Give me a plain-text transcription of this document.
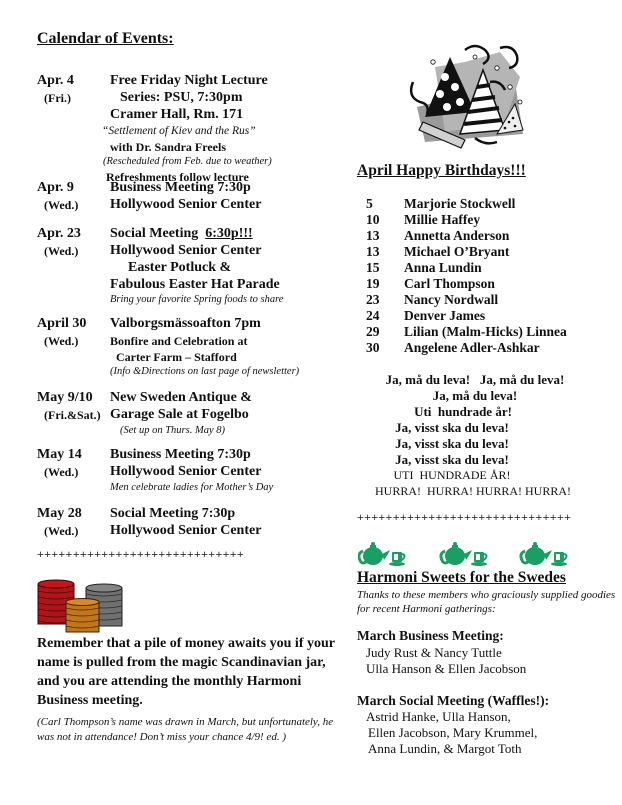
Calendar of Events:
Apr. 4
(Fri.)
Free Friday Night Lecture
Series: PSU, 7:30pm
Cramer Hall, Rm. 171
“Settlement of Kiev and the Rus”
with Dr. Sandra Freels
(Rescheduled from Feb. due to weather)
Refreshments follow lecture
Apr. 9
(Wed.)
Business Meeting 7:30p
Hollywood Senior Center
Apr. 23
(Wed.)
Social Meeting  6:30p!!!
Hollywood Senior Center
Easter Potluck &
Fabulous Easter Hat Parade
Bring your favorite Spring foods to share
April 30
(Wed.)
Valborgsmässoafton 7pm
Bonfire and Celebration at
Carter Farm – Stafford
(Info &Directions on last page of newsletter)
May 9/10
(Fri.&Sat.)
New Sweden Antique &
Garage Sale at Fogelbo
(Set up on Thurs. May 8)
May 14
(Wed.)
Business Meeting 7:30p
Hollywood Senior Center
Men celebrate ladies for Mother’s Day
May 28
(Wed.)
Social Meeting 7:30p
Hollywood Senior Center
+++++++++++++++++++++++++++++
Remember that a pile of money awaits you if your name is pulled from the magic Scandinavian jar, and you are attending the monthly Harmoni Business meeting.
(Carl Thompson’s name was drawn in March, but unfortunately, he was not in attendance! Don’t miss your chance 4/9! ed. )
April Happy Birthdays!!!
5 Marjorie Stockwell
10 Millie Haffey
13 Annetta Anderson
13 Michael O’Bryant
15 Anna Lundin
19 Carl Thompson
23 Nancy Nordwall
24 Denver James
29 Lilian (Malm-Hicks) Linnea
30 Angelene Adler-Ashkar
Ja, må du leva!   Ja, må du leva!
Ja, må du leva!
Uti  hundrade år!
Ja, visst ska du leva!
Ja, visst ska du leva!
Ja, visst ska du leva!
UTI  HUNDRADE ÅR!
HURRA!  HURRA! HURRA! HURRA!
++++++++++++++++++++++++++++++
Harmoni Sweets for the Swedes
Thanks to these members who graciously supplied goodies for recent Harmoni gatherings:
March Business Meeting:
Judy Rust & Nancy Tuttle
Ulla Hanson & Ellen Jacobson
March Social Meeting (Waffles!):
Astrid Hanke, Ulla Hanson,
Ellen Jacobson, Mary Krummel,
Anna Lundin, & Margot Toth
